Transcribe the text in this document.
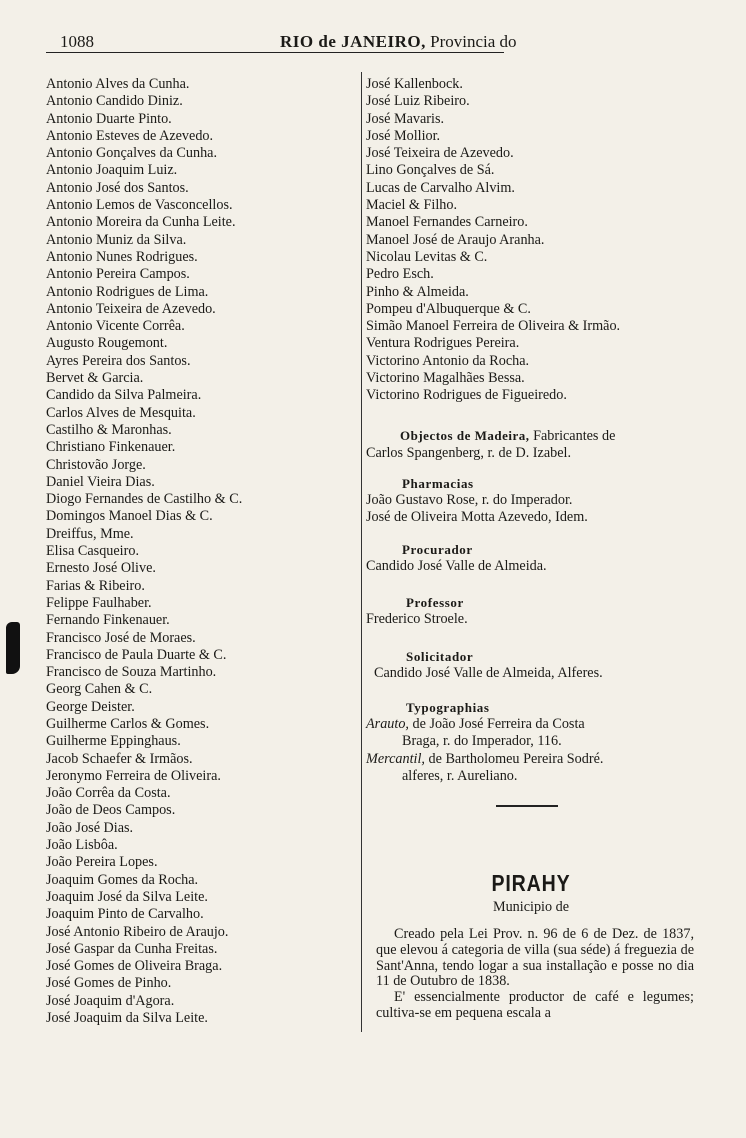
1088	RIO de JANEIRO, Provincia do
Antonio Alves da Cunha.
Antonio Candido Diniz.
Antonio Duarte Pinto.
Antonio Esteves de Azevedo.
Antonio Gonçalves da Cunha.
Antonio Joaquim Luiz.
Antonio José dos Santos.
Antonio Lemos de Vasconcellos.
Antonio Moreira da Cunha Leite.
Antonio Muniz da Silva.
Antonio Nunes Rodrigues.
Antonio Pereira Campos.
Antonio Rodrigues de Lima.
Antonio Teixeira de Azevedo.
Antonio Vicente Corrêa.
Augusto Rougemont.
Ayres Pereira dos Santos.
Bervet & Garcia.
Candido da Silva Palmeira.
Carlos Alves de Mesquita.
Castilho & Maronhas.
Christiano Finkenauer.
Christovão Jorge.
Daniel Vieira Dias.
Diogo Fernandes de Castilho & C.
Domingos Manoel Dias & C.
Dreiffus, Mme.
Elisa Casqueiro.
Ernesto José Olive.
Farias & Ribeiro.
Felippe Faulhaber.
Fernando Finkenauer.
Francisco José de Moraes.
Francisco de Paula Duarte & C.
Francisco de Souza Martinho.
Georg Cahen & C.
George Deister.
Guilherme Carlos & Gomes.
Guilherme Eppinghaus.
Jacob Schaefer & Irmãos.
Jeronymo Ferreira de Oliveira.
João Corrêa da Costa.
João de Deos Campos.
João José Dias.
João Lisbôa.
João Pereira Lopes.
Joaquim Gomes da Rocha.
Joaquim José da Silva Leite.
Joaquim Pinto de Carvalho.
José Antonio Ribeiro de Araujo.
José Gaspar da Cunha Freitas.
José Gomes de Oliveira Braga.
José Gomes de Pinho.
José Joaquim d'Agora.
José Joaquim da Silva Leite.
José Kallenbock.
José Luiz Ribeiro.
José Mavaris.
José Mollior.
José Teixeira de Azevedo.
Lino Gonçalves de Sá.
Lucas de Carvalho Alvim.
Maciel & Filho.
Manoel Fernandes Carneiro.
Manoel José de Araujo Aranha.
Nicolau Levitas & C.
Pedro Esch.
Pinho & Almeida.
Pompeu d'Albuquerque & C.
Simão Manoel Ferreira de Oliveira & Irmão.
Ventura Rodrigues Pereira.
Victorino Antonio da Rocha.
Victorino Magalhães Bessa.
Victorino Rodrigues de Figueiredo.
Objectos de Madeira, Fabricantes de
Carlos Spangenberg, r. de D. Izabel.
Pharmacias
João Gustavo Rose, r. do Imperador.
José de Oliveira Motta Azevedo, Idem.
Procurador
Candido José Valle de Almeida.
Professor
Frederico Stroele.
Solicitador
Candido José Valle de Almeida, Alferes.
Typographias
Arauto, de João José Ferreira da Costa
Braga, r. do Imperador, 116.
Mercantil, de Bartholomeu Pereira Sodré.
alferes, r. Aureliano.
PIRAHY
Municipio de

Creado pela Lei Prov. n. 96 de 6 de Dez. de 1837, que elevou á categoria de villa (sua séde) á freguezia de Sant'Anna, tendo logar a sua installação e posse no dia 11 de Outubro de 1838.

E' essencialmente productor de café e legumes; cultiva-se em pequena escala a
